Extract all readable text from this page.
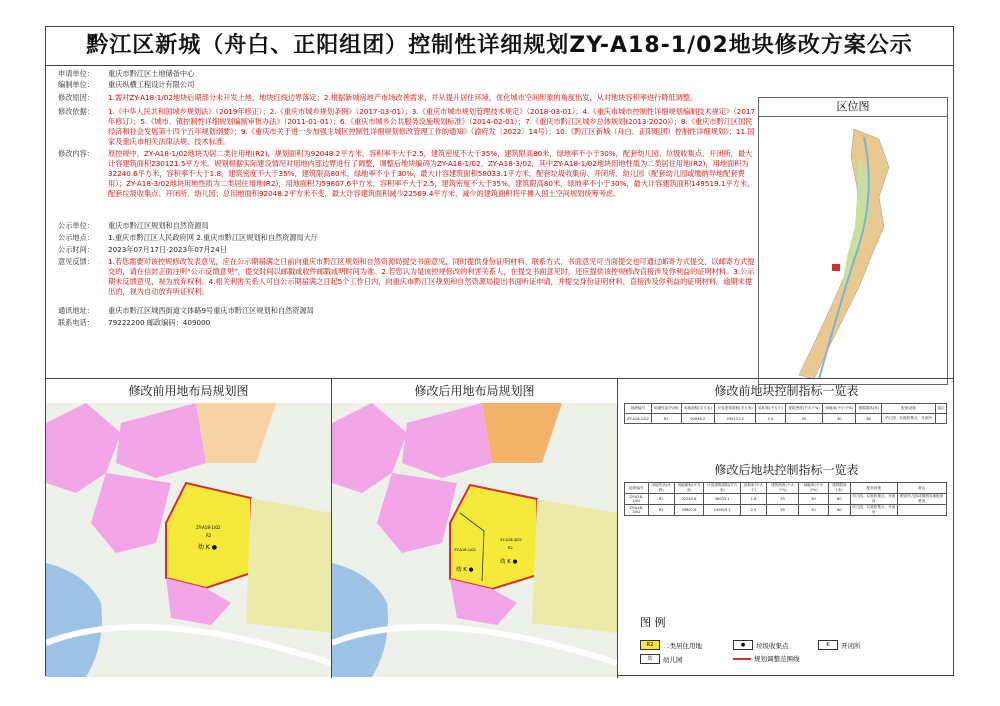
黔江区新城（舟白、正阳组团）控制性详细规划ZY-A18-1/02地块修改方案公示
申请单位：	重庆市黔江区土地储备中心
编制单位：	重庆纵横工程设计有限公司
修改原因：	1.需对ZY-A18-1/02地块后期部分未开发土地，地块红线边界落定；2.根据新城房地产市场改善需求，并从提升居住环境，优化城市空间形象的角度出发，从对地块容积率进行降低调整。
修改依据：	1.《中华人民共和国城乡规划法》（2019年修正）；2.《重庆市城乡规划条例》（2017-03-01）；3.《重庆市城市规划管理技术规定》（2018-03-01）；4.《重庆市城市控制性详细规划编制技术规定》（2017年修订）；5.《城市、镇控制性详细规划编制审批办法》（2011-01-01）；6.《重庆市城乡公共服务设施规划标准》（2014-02-01）；7.《重庆市黔江区城乡总体规划(2013-2020)》；8.《重庆市黔江区国民经济和社会发展第十四个五年规划纲要》；9.《重庆市关于进一步加强主城区控制性详细规划修改管理工作的通知》（渝府发〔2022〕14号）；10.《黔江区新城（舟白、正阳组团）控制性详细规划》；11.国家及重庆市相关法律法规、技术标准。
修改内容：	原控规中，ZY-A18-1/02地块为居二类住用地(R2)，规划面积为92048.2平方米，容积率不大于2.5，建筑密度不大于35%，建筑限高80米，绿地率不小于30%，配套幼儿园、垃圾收集点、开闭所，最大计容建筑面积230121.5平方米。规划根据实际建设情况对用地内部边界进行了调整，调整后地块编码为ZY-A18-1/02、ZY-A18-3/02，其中ZY-A18-1/02地块用地性质为二类居住用地(R2)，用地面积为32240.6平方米，容积率不大于1.8，建筑密度不大于35%，建筑限高80米，绿地率不小于30%，最大计容建筑面积58033.1平方米，配套垃圾收集房、开闭所、幼儿园（配套幼儿园或缴纳异地配套费用）；ZY-A18-3/02地块用地性质为二类居住用地(R2)，用地面积为59807.6平方米，容积率不大于2.5，建筑密度不大于35%，建筑限高80米，绿地率不小于30%，最大计容建筑面积149519.1平方米，配套垃圾收集点、开闭所、幼儿园；总用地面积92048.2平方米不变，最大计容建筑面积减少22569.4平方米，减少的建筑面积将平摊入国土空间规划统筹考虑。
公示单位：	重庆市黔江区规划和自然资源局
公示地点：	1.重庆市黔江区人民政府网 2.重庆市黔江区规划和自然资源局大厅
公示时间：	2023年07月17日-2023年07月24日
意见反馈：	1.若您需要对该控规修改发表意见，应在公示期届满之日前向重庆市黔江区规划和自然资源局提交书面意见，同时提供身份证明材料、联系方式，书面意见可当面提交也可通过邮寄方式提交，以邮寄方式提交的，请在信封正面注明“公示反馈意见”，提交时间以邮戳或收件邮戳或明时间为准。2.若您认为是该控规修改的利害关系人，在提交书面意见时，还应提供该控规修改直接涉及你利益的证明材料。3.公示期未反馈意见，视为放弃权利。4.相关利害关系人可自公示期届满之日起5个工作日内，向重庆市黔江区规划和自然资源局提出书面听证申请，并提交身份证明材料，直接涉及你利益的证明材料。逾期未提出的，视为自动放弃听证权利。
通讯地址：	重庆市黔江区城西街道文体路9号重庆市黔江区规划和自然资源局
联系电话：	79222200 邮政编码：409000
区位图
修改前用地布局规划图
ZY-A18-1/02
R2
幼 K ●
修改后用地布局规划图
ZY-A18-1/02
ZY-A18-3/02
R2
幼 K ●
幼 K ●
修改前地块控制指标一览表
地块编号	用地性质(代码)	用地面积(平方米)	计容建筑面积(平方米)	容积率(不大于)	建筑密度(不大于%)	绿地率(不小于%)	建筑限高(米)	配套设施	备注
ZY-A18-1/02	R2	92048.2	230121.5	2.5	35	30	80	幼儿园、垃圾收集点、开闭所	
修改后地块控制指标一览表
地块编号	用地性质(代码)	用地面积(平方米)	计容建筑面积(平方米)	容积率(不大于)	建筑密度(不大于%)	绿地率(不小于%)	建筑限高(米)	配套设施	备注
ZY-A18-1/02	R2	32240.6	58033.1	1.8	35	30	80	幼儿园、垃圾收集点、开闭所	配套幼儿园或缴纳异地配套费用
ZY-A18-3/02	R2	59807.6	149519.1	2.5	35	30	80	幼儿园、垃圾收集点、开闭所	
图 例
R2	二类居住用地	●	垃圾收集点	K	开闭所
幼	幼儿园	规划调整范围线
